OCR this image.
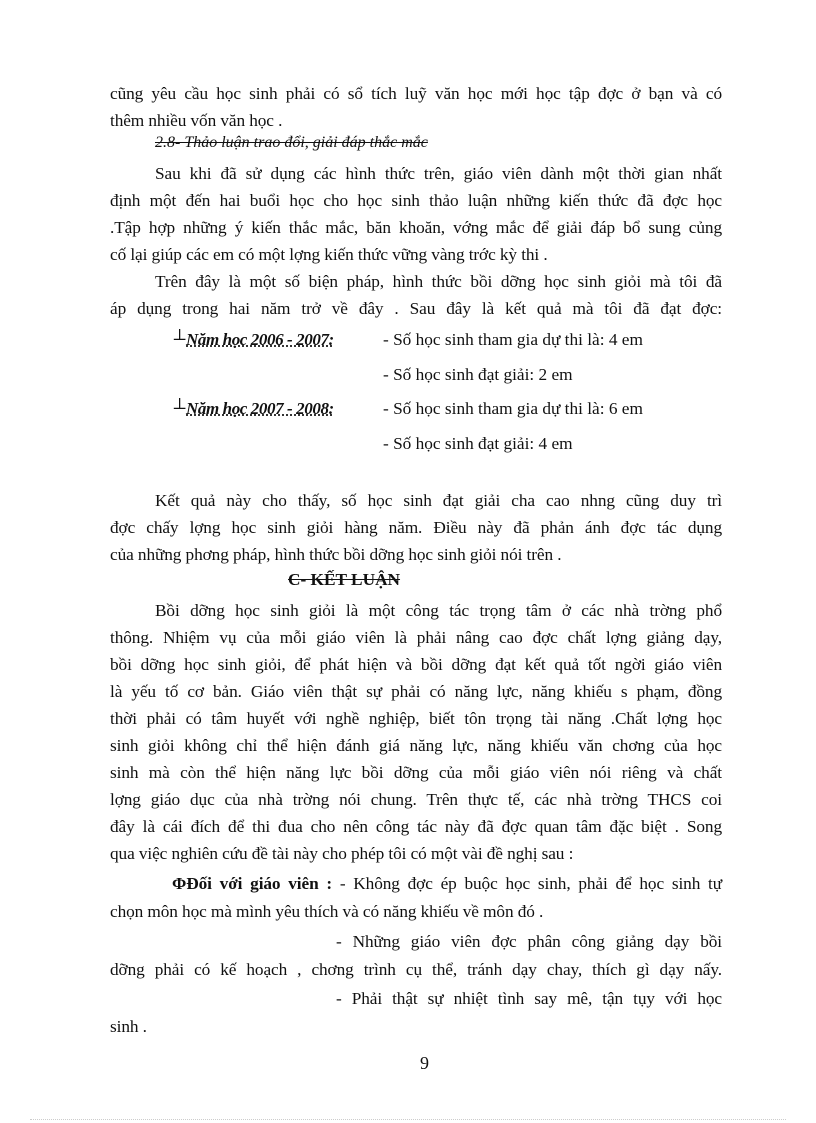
cũng yêu cầu học sinh phải có sổ tích luỹ văn học mới học tập đợc ở bạn và có
thêm nhiều vốn văn học .
2.8- Thảo luận trao đổi, giải đáp thắc mắc
Sau khi đã sử dụng các hình thức trên, giáo viên dành một thời gian nhất
định một đến hai buổi học cho học sinh thảo luận những kiến thức đã đợc học
.Tập hợp những ý kiến thắc mắc, băn khoăn, vớng mắc để giải đáp bổ sung củng
cố lại giúp các em có một lợng kiến thức vững vàng trớc kỳ thi .
Trên đây là một số biện pháp, hình thức bồi dỡng học sinh giỏi mà tôi đã
áp dụng trong hai năm trở về đây . Sau đây là kết quả mà tôi đã đạt đợc:
⊥
Năm học 2006 - 2007:	- Số học sinh tham gia dự thi là: 4 em
- Số học sinh đạt giải: 2 em
⊥
Năm học 2007 - 2008:	- Số học sinh tham gia dự thi là: 6 em
- Số học sinh đạt giải: 4 em
Kết quả này cho thấy, số học sinh đạt giải cha cao nhng cũng duy trì
đợc chấy lợng học sinh giỏi hàng năm. Điều này đã phản ánh đợc tác dụng
của những phơng pháp, hình thức bồi dỡng học sinh giỏi nói trên .
C- KẾT LUẬN
Bồi dỡng học sinh giỏi là một công tác trọng tâm ở các nhà trờng phổ
thông. Nhiệm vụ của mỗi giáo viên là phải nâng cao đợc chất lợng giảng dạy,
bồi dỡng học sinh giỏi, để phát hiện và bồi dỡng đạt kết quả tốt ngời giáo viên
là yếu tố cơ bản. Giáo viên thật sự phải có năng lực, năng khiếu s phạm, đồng
thời phải có tâm huyết với nghề nghiệp, biết tôn trọng tài năng .Chất lợng học
sinh giỏi không chỉ thể hiện đánh giá năng lực, năng khiếu văn chơng của học
sinh mà còn thể hiện năng lực bồi dỡng của mỗi giáo viên nói riêng và chất
lợng giáo dục của nhà trờng nói chung. Trên thực tế, các nhà trờng THCS coi
đây là cái đích để thi đua cho nên công tác này đã đợc quan tâm đặc biệt . Song
qua việc nghiên cứu đề tài này cho phép tôi có một vài đề nghị sau :
ΦĐối với giáo viên : - Không đợc ép buộc học sinh, phải để học sinh tự
chọn môn học mà mình yêu thích và có năng khiếu về môn đó .
- Những giáo viên đợc phân công giảng dạy bồi
dỡng phải có kế hoạch , chơng trình cụ thể, tránh dạy chay, thích gì dạy nấy.
- Phải thật sự nhiệt tình say mê, tận tụy với học
sinh .
9
